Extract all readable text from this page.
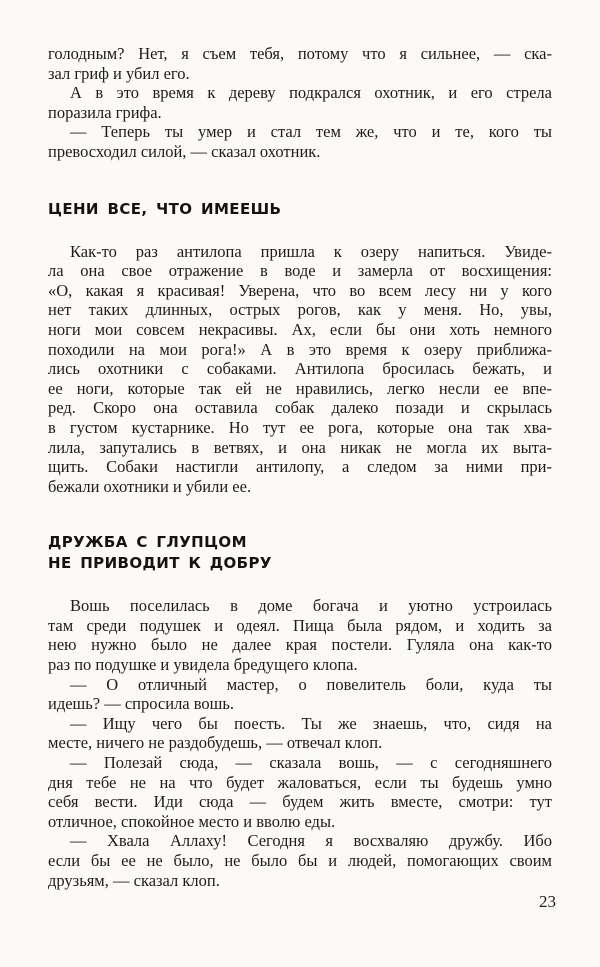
голодным? Нет, я съем тебя, потому что я сильнее, — ска-
зал гриф и убил его.
А в это время к дереву подкрался охотник, и его стрела
поразила грифа.
— Теперь ты умер и стал тем же, что и те, кого ты
превосходил силой, — сказал охотник.
ЦЕНИ ВСЕ, ЧТО ИМЕЕШЬ
Как-то раз антилопа пришла к озеру напиться. Увиде-
ла она свое отражение в воде и замерла от восхищения:
«О, какая я красивая! Уверена, что во всем лесу ни у кого
нет таких длинных, острых рогов, как у меня. Но, увы,
ноги мои совсем некрасивы. Ах, если бы они хоть немного
походили на мои рога!» А в это время к озеру приближа-
лись охотники с собаками. Антилопа бросилась бежать, и
ее ноги, которые так ей не нравились, легко несли ее впе-
ред. Скоро она оставила собак далеко позади и скрылась
в густом кустарнике. Но тут ее рога, которые она так хва-
лила, запутались в ветвях, и она никак не могла их выта-
щить. Собаки настигли антилопу, а следом за ними при-
бежали охотники и убили ее.
ДРУЖБА С ГЛУПЦОМ
НЕ ПРИВОДИТ К ДОБРУ
Вошь поселилась в доме богача и уютно устроилась
там среди подушек и одеял. Пища была рядом, и ходить за
нею нужно было не далее края постели. Гуляла она как-то
раз по подушке и увидела бредущего клопа.
— О отличный мастер, о повелитель боли, куда ты
идешь? — спросила вошь.
— Ищу чего бы поесть. Ты же знаешь, что, сидя на
месте, ничего не раздобудешь, — отвечал клоп.
— Полезай сюда, — сказала вошь, — с сегодняшнего
дня тебе не на что будет жаловаться, если ты будешь умно
себя вести. Иди сюда — будем жить вместе, смотри: тут
отличное, спокойное место и вволю еды.
— Хвала Аллаху! Сегодня я восхваляю дружбу. Ибо
если бы ее не было, не было бы и людей, помогающих своим
друзьям, — сказал клоп.
23
